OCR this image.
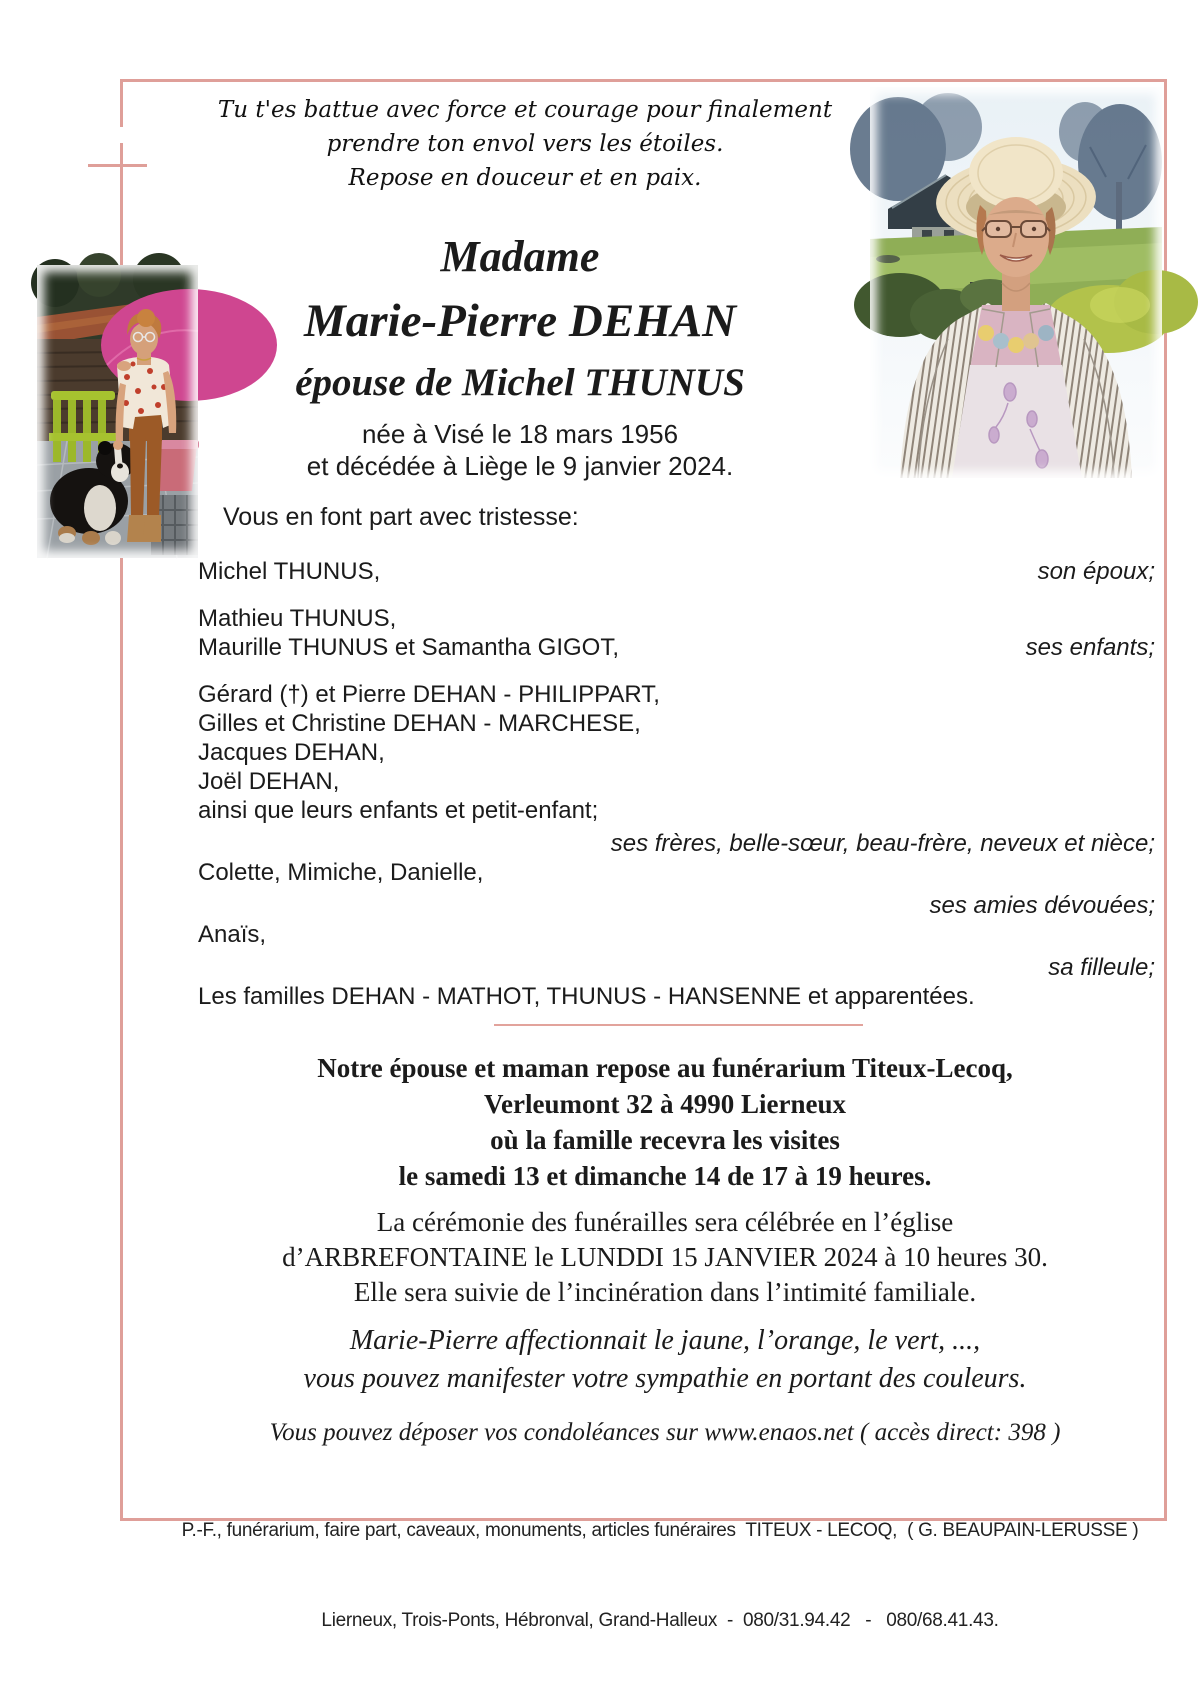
Tu t'es battue avec force et courage pour finalement
prendre ton envol vers les étoiles.
Repose en douceur et en paix.
Madame
Marie-Pierre DEHAN
épouse de Michel THUNUS
née à Visé le 18 mars 1956
et décédée à Liège le 9 janvier 2024.
Vous en font part avec tristesse:
Michel THUNUS,	son époux;
Mathieu THUNUS,
Maurille THUNUS et Samantha GIGOT,	ses enfants;
Gérard (†) et Pierre DEHAN - PHILIPPART,
Gilles et Christine DEHAN - MARCHESE,
Jacques DEHAN,
Joël DEHAN,
ainsi que leurs enfants et petit-enfant;
ses frères, belle-sœur, beau-frère, neveux et nièce;
Colette, Mimiche, Danielle,
ses amies dévouées;
Anaïs,
sa filleule;
Les familles DEHAN - MATHOT, THUNUS - HANSENNE et apparentées.
Notre épouse et maman repose au funérarium Titeux-Lecoq,
Verleumont 32 à 4990 Lierneux
où la famille recevra les visites
le samedi 13 et dimanche 14 de 17 à 19 heures.
La cérémonie des funérailles sera célébrée en l’église
d’ARBREFONTAINE le LUNDDI 15 JANVIER 2024 à 10 heures 30.
Elle sera suivie de l’incinération dans l’intimité familiale.
Marie-Pierre affectionnait le jaune, l’orange, le vert, ...,
vous pouvez manifester votre sympathie en portant des couleurs.
Vous pouvez déposer vos condoléances sur www.enaos.net ( accès direct: 398 )

P.-F., funérarium, faire part, caveaux, monuments, articles funéraires  TITEUX - LECOQ,  ( G. BEAUPAIN-LERUSSE )

Lierneux, Trois-Ponts, Hébronval, Grand-Halleux  -  080/31.94.42   -   080/68.41.43.
